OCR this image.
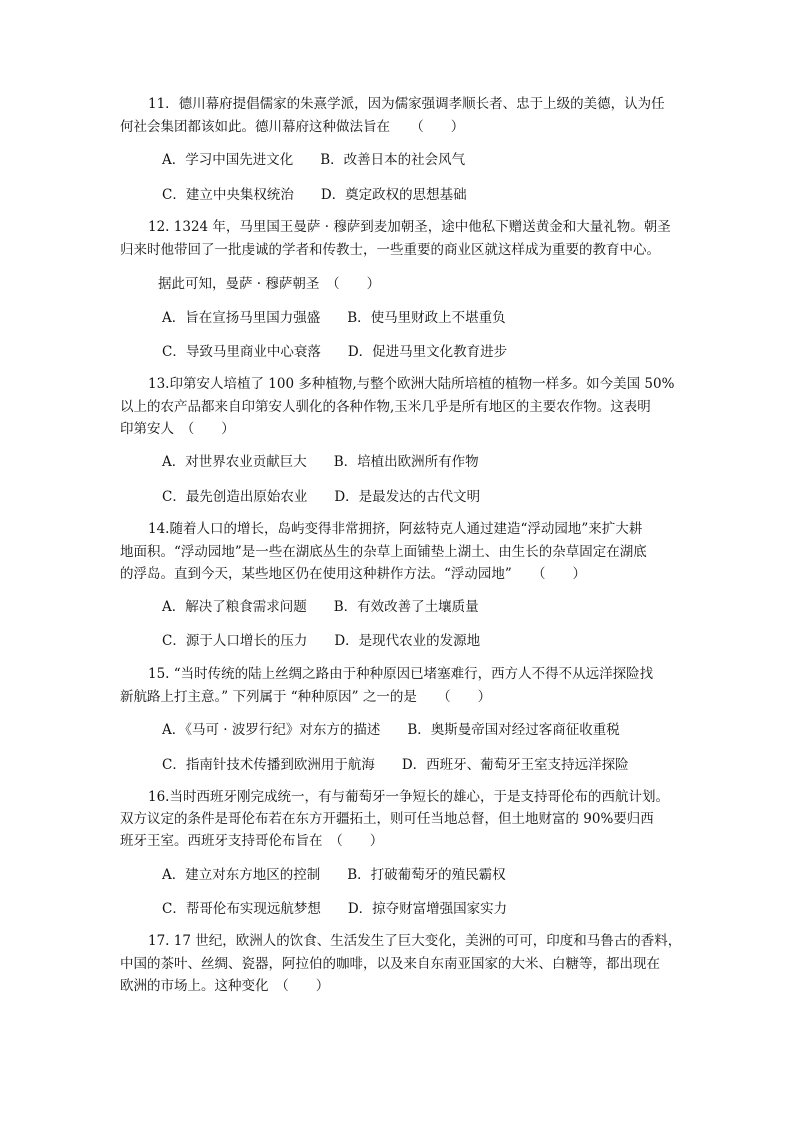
11．德川幕府提倡儒家的朱熹学派，因为儒家强调孝顺长者、忠于上级的美德，认为任
何社会集团都该如此。德川幕府这种做法旨在　　（　　）
A．学习中国先进文化　　B．改善日本的社会风气
C．建立中央集权统治　　D．奠定政权的思想基础
12. 1324 年，马里国王曼萨 · 穆萨到麦加朝圣，途中他私下赠送黄金和大量礼物。朝圣
归来时他带回了一批虔诚的学者和传教士，一些重要的商业区就这样成为重要的教育中心。
据此可知，曼萨 · 穆萨朝圣　（　　）
A．旨在宣扬马里国力强盛　　B．使马里财政上不堪重负
C．导致马里商业中心衰落　　D．促进马里文化教育进步
13.印第安人培植了 100 多种植物,与整个欧洲大陆所培植的植物一样多。如今美国 50%
以上的农产品都来自印第安人驯化的各种作物,玉米几乎是所有地区的主要农作物。这表明
印第安人　（　　）
A．对世界农业贡献巨大　　B．培植出欧洲所有作物
C．最先创造出原始农业　　D．是最发达的古代文明
14.随着人口的增长，岛屿变得非常拥挤，阿兹特克人通过建造“浮动园地”来扩大耕
地面积。“浮动园地”是一些在湖底丛生的杂草上面铺垫上湖土、由生长的杂草固定在湖底
的浮岛。直到今天，某些地区仍在使用这种耕作方法。“浮动园地”　　（　　）
A．解决了粮食需求问题　　B．有效改善了土壤质量
C．源于人口增长的压力　　D．是现代农业的发源地
15. “当时传统的陆上丝绸之路由于种种原因已堵塞难行，西方人不得不从远洋探险找
新航路上打主意。” 下列属于 “种种原因” 之一的是　　（　　）
A．《马可 · 波罗行纪》对东方的描述　　B．奥斯曼帝国对经过客商征收重税
C．指南针技术传播到欧洲用于航海　　D．西班牙、葡萄牙王室支持远洋探险
16.当时西班牙刚完成统一，有与葡萄牙一争短长的雄心，于是支持哥伦布的西航计划。
双方议定的条件是哥伦布若在东方开疆拓土，则可任当地总督，但土地财富的 90%要归西
班牙王室。西班牙支持哥伦布旨在　（　　）
A．建立对东方地区的控制　　B．打破葡萄牙的殖民霸权
C．帮哥伦布实现远航梦想　　D．掠夺财富增强国家实力
17. 17 世纪，欧洲人的饮食、生活发生了巨大变化，美洲的可可，印度和马鲁古的香料，
中国的茶叶、丝绸、瓷器，阿拉伯的咖啡，以及来自东南亚国家的大米、白糖等，都出现在
欧洲的市场上。这种变化　（　　）
